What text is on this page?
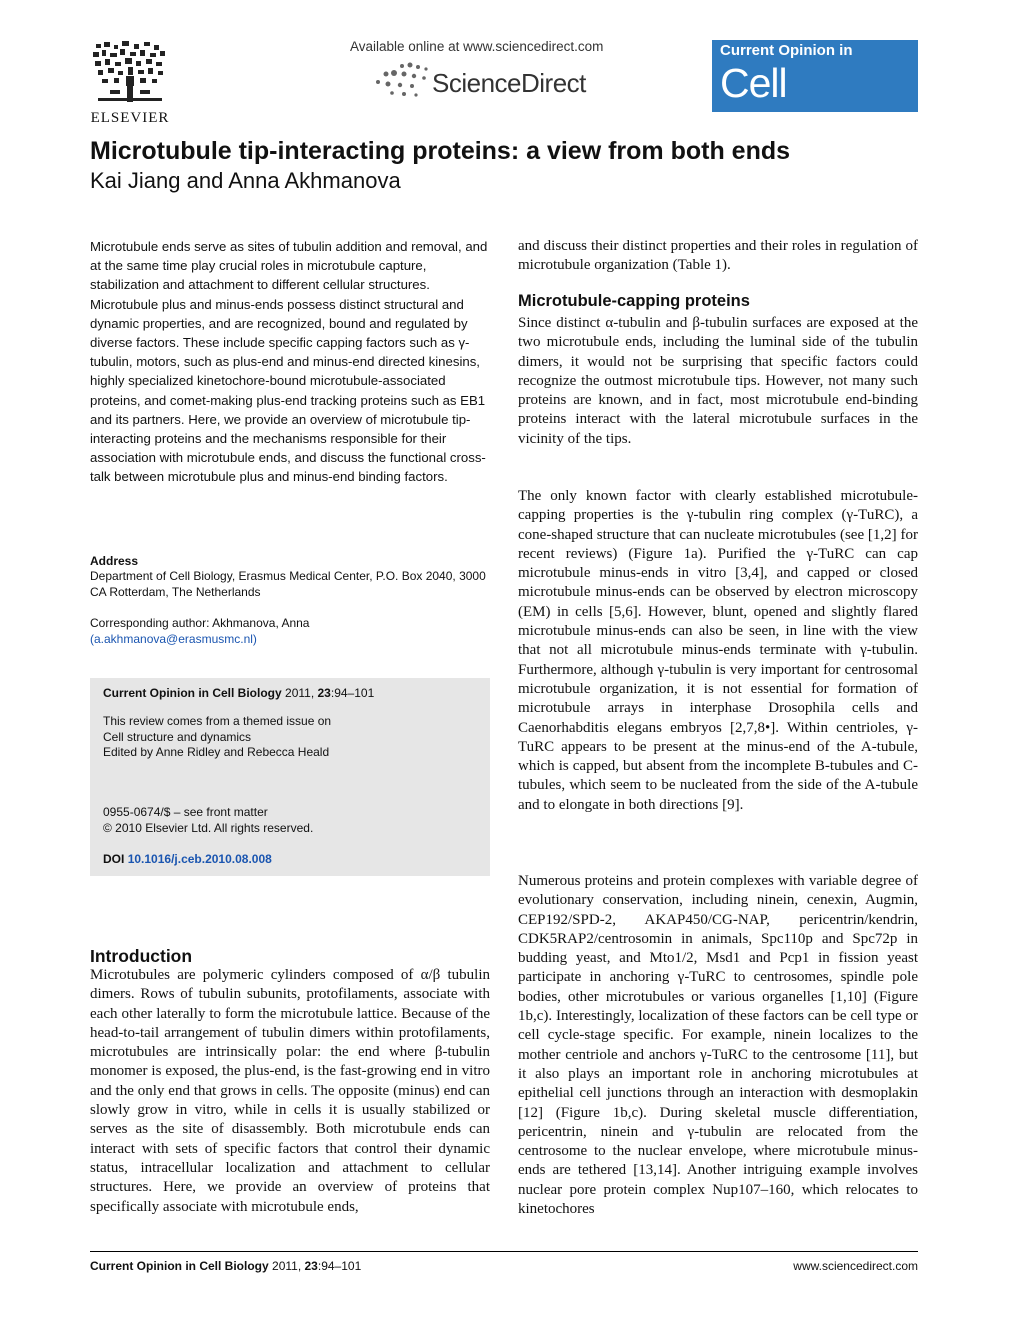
ELSEVIER
Available online at www.sciencedirect.com
ScienceDirect
Current Opinion in
Cell Biology
Microtubule tip-interacting proteins: a view from both ends
Kai Jiang and Anna Akhmanova

Microtubule ends serve as sites of tubulin addition and removal, and at the same time play crucial roles in microtubule capture, stabilization and attachment to different cellular structures. Microtubule plus and minus-ends possess distinct structural and dynamic properties, and are recognized, bound and regulated by diverse factors. These include specific capping factors such as γ-tubulin, motors, such as plus-end and minus-end directed kinesins, highly specialized kinetochore-bound microtubule-associated proteins, and comet-making plus-end tracking proteins such as EB1 and its partners. Here, we provide an overview of microtubule tip-interacting proteins and the mechanisms responsible for their association with microtubule ends, and discuss the functional cross-talk between microtubule plus and minus-end binding factors.

Address
Department of Cell Biology, Erasmus Medical Center, P.O. Box 2040, 3000 CA Rotterdam, The Netherlands
Corresponding author: Akhmanova, Anna
(a.akhmanova@erasmusmc.nl)
Current Opinion in Cell Biology 2011, 23:94–101
This review comes from a themed issue on
Cell structure and dynamics
Edited by Anne Ridley and Rebecca Heald
0955-0674/$ – see front matter
© 2010 Elsevier Ltd. All rights reserved.
DOI 10.1016/j.ceb.2010.08.008
Introduction

Microtubules are polymeric cylinders composed of α/β tubulin dimers. Rows of tubulin subunits, protofilaments, associate with each other laterally to form the microtubule lattice. Because of the head-to-tail arrangement of tubulin dimers within protofilaments, microtubules are intrinsically polar: the end where β-tubulin monomer is exposed, the plus-end, is the fast-growing end in vitro and the only end that grows in cells. The opposite (minus) end can slowly grow in vitro, while in cells it is usually stabilized or serves as the site of disassembly. Both microtubule ends can interact with sets of specific factors that control their dynamic status, intracellular localization and attachment to cellular structures. Here, we provide an overview of proteins that specifically associate with microtubule ends,

and discuss their distinct properties and their roles in regulation of microtubule organization (Table 1).

Microtubule-capping proteins

Since distinct α-tubulin and β-tubulin surfaces are exposed at the two microtubule ends, including the luminal side of the tubulin dimers, it would not be surprising that specific factors could recognize the outmost microtubule tips. However, not many such proteins are known, and in fact, most microtubule end-binding proteins interact with the lateral microtubule surfaces in the vicinity of the tips.

The only known factor with clearly established microtubule-capping properties is the γ-tubulin ring complex (γ-TuRC), a cone-shaped structure that can nucleate microtubules (see [1,2] for recent reviews) (Figure 1a). Purified the γ-TuRC can cap microtubule minus-ends in vitro [3,4], and capped or closed microtubule minus-ends can be observed by electron microscopy (EM) in cells [5,6]. However, blunt, opened and slightly flared microtubule minus-ends can also be seen, in line with the view that not all microtubule minus-ends terminate with γ-tubulin. Furthermore, although γ-tubulin is very important for centrosomal microtubule organization, it is not essential for formation of microtubule arrays in interphase Drosophila cells and Caenorhabditis elegans embryos [2,7,8•]. Within centrioles, γ-TuRC appears to be present at the minus-end of the A-tubule, which is capped, but absent from the incomplete B-tubules and C-tubules, which seem to be nucleated from the side of the A-tubule and to elongate in both directions [9].

Numerous proteins and protein complexes with variable degree of evolutionary conservation, including ninein, cenexin, Augmin, CEP192/SPD-2, AKAP450/CG-NAP, pericentrin/kendrin, CDK5RAP2/centrosomin in animals, Spc110p and Spc72p in budding yeast, and Mto1/2, Msd1 and Pcp1 in fission yeast participate in anchoring γ-TuRC to centrosomes, spindle pole bodies, other microtubules or various organelles [1,10] (Figure 1b,c). Interestingly, localization of these factors can be cell type or cell cycle-stage specific. For example, ninein localizes to the mother centriole and anchors γ-TuRC to the centrosome [11], but it also plays an important role in anchoring microtubules at epithelial cell junctions through an interaction with desmoplakin [12] (Figure 1b,c). During skeletal muscle differentiation, pericentrin, ninein and γ-tubulin are relocated from the centrosome to the nuclear envelope, where microtubule minus-ends are tethered [13,14]. Another intriguing example involves nuclear pore protein complex Nup107–160, which relocates to kinetochores

Current Opinion in Cell Biology 2011, 23:94–101	www.sciencedirect.com
